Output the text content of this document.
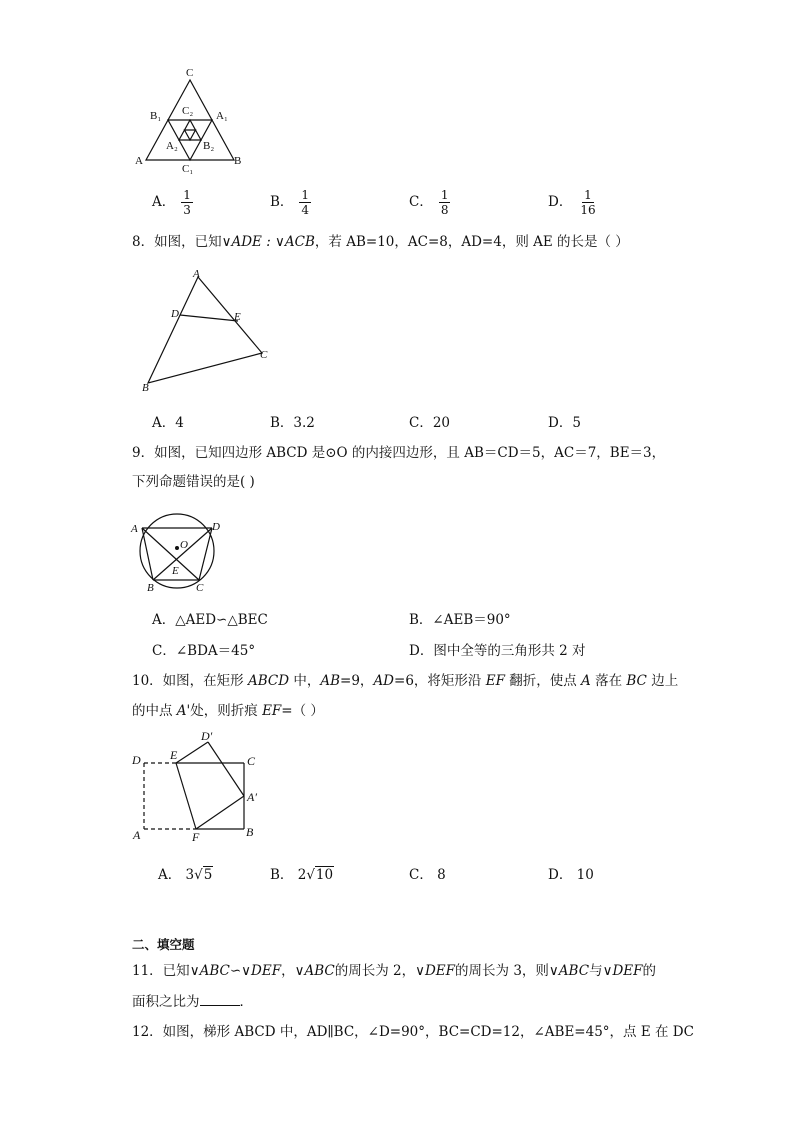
C
B₁	A₁
C₂
A₂ B₂
A	B
C₁
A． $\frac{1}{3}$	B． $\frac{1}{4}$	C． $\frac{1}{8}$	D． $\frac{1}{16}$
8．如图，已知∨ADE : ∨ACB，若 AB=10，AC=8，AD=4，则 AE 的长是（ ）
A
D	E
C
B
A．4	B．3.2	C．20	D．5
9．如图，已知四边形 ABCD 是⊙O 的内接四边形，且 AB＝CD＝5，AC＝7，BE＝3，
下列命题错误的是( )
A	D
O
E
B	C
A．△AED∽△BEC	B．∠AEB＝90°
C．∠BDA＝45°	D．图中全等的三角形共 2 对
10．如图，在矩形 ABCD 中，AB=9，AD=6，将矩形沿 EF 翻折，使点 A 落在 BC 边上
的中点 A'处，则折痕 EF=（ ）
D E
D′
C
A′
A	F	B
A． 3√5	B． 2√10	C． 8	D． 10
二、填空题
11．已知∨ABC∽∨DEF，∨ABC的周长为 2，∨DEF的周长为 3，则∨ABC与∨DEF的
面积之比为	．
12．如图，梯形 ABCD 中，AD∥BC，∠D=90°，BC=CD=12，∠ABE=45°，点 E 在 DC
